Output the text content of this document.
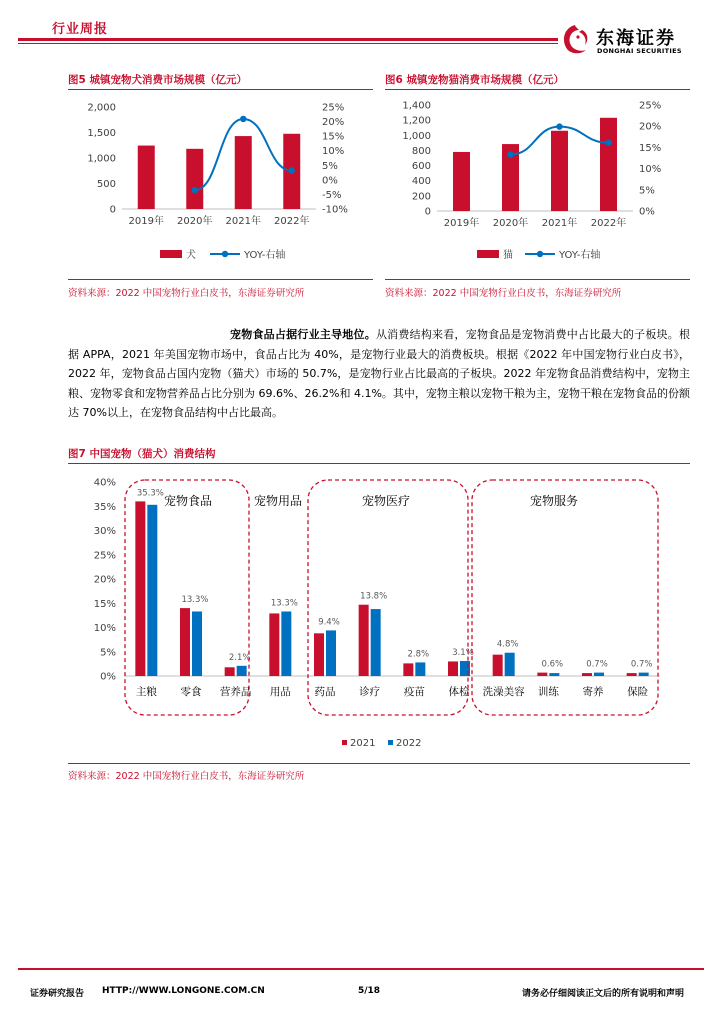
行业周报	东海证券
DONGHAI SECURITIES
图5 城镇宠物犬消费市场规模（亿元）
2,000
1,500
1,000
500
0
25%
20%
15%
10%
5%
0%
-5%
-10%
2019年 2020年 2021年 2022年
犬	YOY-右轴
资料来源：2022 中国宠物行业白皮书，东海证券研究所
图6 城镇宠物猫消费市场规模（亿元）
1,400
1,200
1,000
800
600
400
200
0
25%
20%
15%
10%
5%
0%
2019年 2020年 2021年 2022年
猫	YOY-右轴
资料来源：2022 中国宠物行业白皮书，东海证券研究所

宠物食品占据行业主导地位。从消费结构来看，宠物食品是宠物消费中占比最大的子板块。根据 APPA，2021 年美国宠物市场中，食品占比为 40%，是宠物行业最大的消费板块。根据《2022 年中国宠物行业白皮书》，2022 年，宠物食品占国内宠物（猫犬）市场的 50.7%，是宠物行业占比最高的子板块。2022 年宠物食品消费结构中，宠物主粮、宠物零食和宠物营养品占比分别为 69.6%、26.2%和 4.1%。其中，宠物主粮以宠物干粮为主，宠物干粮在宠物食品的份额达 70%以上，在宠物食品结构中占比最高。

图7 中国宠物（猫犬）消费结构
40%
35%
30%
25%
20%
15%
10%
5%
0%
35.3%
13.3%
2.1%
13.3%
9.4%
13.8%
2.8%	3.1%
4.8%
0.6%	0.7%	0.7%
主粮 零食 营养品 用品 药品 诊疗 疫苗 体检 洗澡美容 训练 寄养 保险
宠物食品	宠物用品	宠物医疗	宠物服务
2021 2022
资料来源：2022 中国宠物行业白皮书，东海证券研究所
证券研究报告 HTTP://WWW.LONGONE.COM.CN	5/18	请务必仔细阅读正文后的所有说明和声明
